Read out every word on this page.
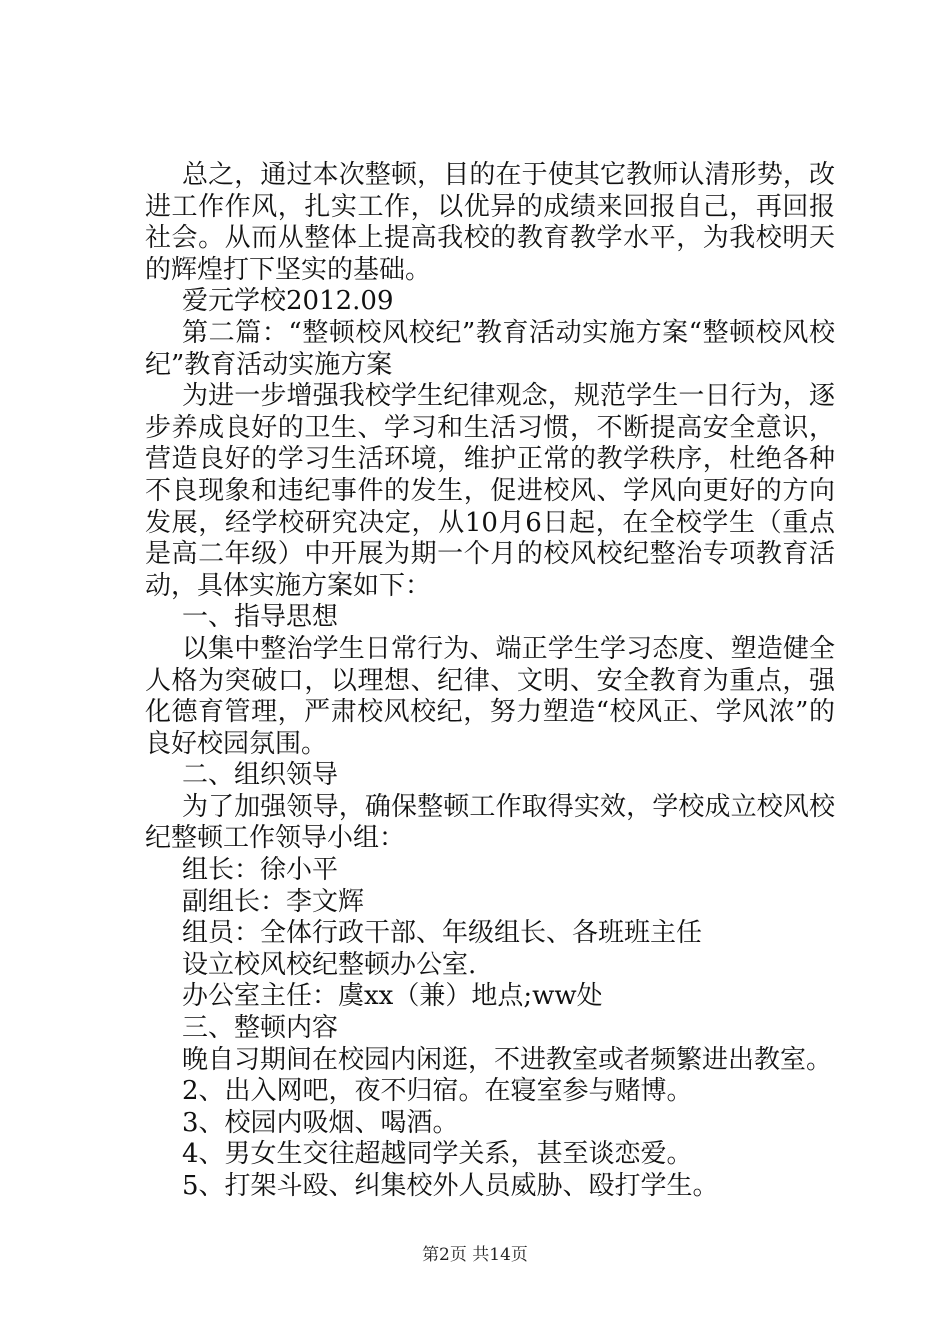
总之，通过本次整顿，目的在于使其它教师认清形势，改进工作作风，扎实工作，以优异的成绩来回报自己，再回报社会。从而从整体上提高我校的教育教学水平，为我校明天的辉煌打下坚实的基础。

爱元学校2012.09

第二篇：“整顿校风校纪”教育活动实施方案“整顿校风校纪”教育活动实施方案

为进一步增强我校学生纪律观念，规范学生一日行为，逐步养成良好的卫生、学习和生活习惯，不断提高安全意识，营造良好的学习生活环境，维护正常的教学秩序，杜绝各种不良现象和违纪事件的发生，促进校风、学风向更好的方向发展，经学校研究决定，从10月6日起，在全校学生（重点是高二年级）中开展为期一个月的校风校纪整治专项教育活动，具体实施方案如下：

一、指导思想

以集中整治学生日常行为、端正学生学习态度、塑造健全人格为突破口，以理想、纪律、文明、安全教育为重点，强化德育管理，严肃校风校纪，努力塑造“校风正、学风浓”的良好校园氛围。

二、组织领导

为了加强领导，确保整顿工作取得实效，学校成立校风校纪整顿工作领导小组：

组长：徐小平

副组长：李文辉

组员：全体行政干部、年级组长、各班班主任

设立校风校纪整顿办公室.

办公室主任：虞xx（兼）地点;ww处

三、整顿内容

晚自习期间在校园内闲逛，不进教室或者频繁进出教室。

2、出入网吧，夜不归宿。在寝室参与赌博。

3、校园内吸烟、喝酒。

4、男女生交往超越同学关系，甚至谈恋爱。

5、打架斗殴、纠集校外人员威胁、殴打学生。

第2页 共14页
